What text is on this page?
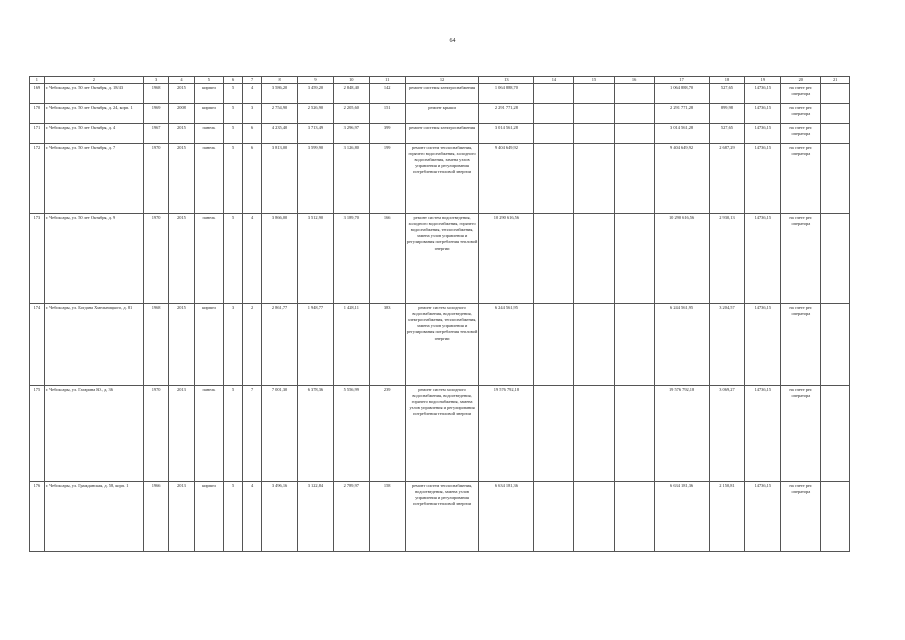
64
1	2	3	4	5	6	7	8	9	10	11	12	13	14	15	16	17	18	19	20	21
169	г. Чебоксары, ул. 50 лет Октября, д. 18/43	1968	2015	кирпич	5	4	3 586,20	3 459,20	2 848,40	142	ремонт системы электроснабжения	1 064 888,70				1 064 888,70	527,65	14736,15	на счете рег. оператора	
170	г. Чебоксары, ул. 50 лет Октября, д. 24, корп. 1	1969	2008	кирпич	5	3	2 754,90	2 526,90	2 205,60	151	ремонт крыши	2 291 771,28				2 291 771,28	899,98	14736,15	на счете рег. оператора	
171	г. Чебоксары, ул. 50 лет Октября, д. 4	1967	2015	панель	5	6	4 235,40	3 713,49	3 296,97	399	ремонт системы электроснабжения	3 014 561,28				3 014 561,28	527,65	14736,15	на счете рег. оператора	
172	г. Чебоксары, ул. 50 лет Октября, д. 7	1970	2015	панель	5	6	3 813,00	3 599,90	3 126,80	199	ремонт систем теплоснабжения, горячего водоснабжения, холодного водоснабжения, замена узлов управления и регулирования потребления тепловой энергии	9 404 649,92				9 404 649,92	2 687,29	14736,15	на счете рег. оператора	
173	г. Чебоксары, ул. 50 лет Октября, д. 9	1970	2015	панель	5	4	3 866,00	3 512,90	3 189,70	166	ремонт систем водоотведения, холодного водоснабжения, горячего водоснабжения, теплоснабжения, замена узлов управления и регулирования потребления тепловой энергии	10 290 616,56				10 290 616,56	2 930,13	14736,15	на счете рег. оператора	
174	г. Чебоксары, ул. Богдана Хмельницкого, д. 81	1968	2015	кирпич	3	2	2 861,77	1 948,77	1 428,11	383	ремонт систем холодного водоснабжения, водоотведения, электроснабжения, теплоснабжения, замена узлов управления и регулирования потребления тепловой энергии	6 244 561,95				6 244 561,95	3 204,57	14736,15	на счете рег. оператора	
175	г. Чебоксары, ул. Гагарина Ю., д. 36	1970	2013	панель	5	7	7 001,30	6 378,36	5 556,99	239	ремонт систем холодного водоснабжения, водоотведения, горячего водоснабжения, замена узлов управления и регулирования потребления тепловой энергии	19 576 792,18				19 576 792,18	3 069,27	14736,15	на счете рег. оператора	
176	г. Чебоксары, ул. Гражданская, д. 58, корп. 1	1966	2013	кирпич	5	4	3 496,16	3 122,84	2 789,97	158	ремонт систем теплоснабжения, водоотведения, замена узлов управления и регулирования потребления тепловой энергии	6 634 181,36				6 634 181,36	2 150,81	14736,15	на счете рег. оператора	
